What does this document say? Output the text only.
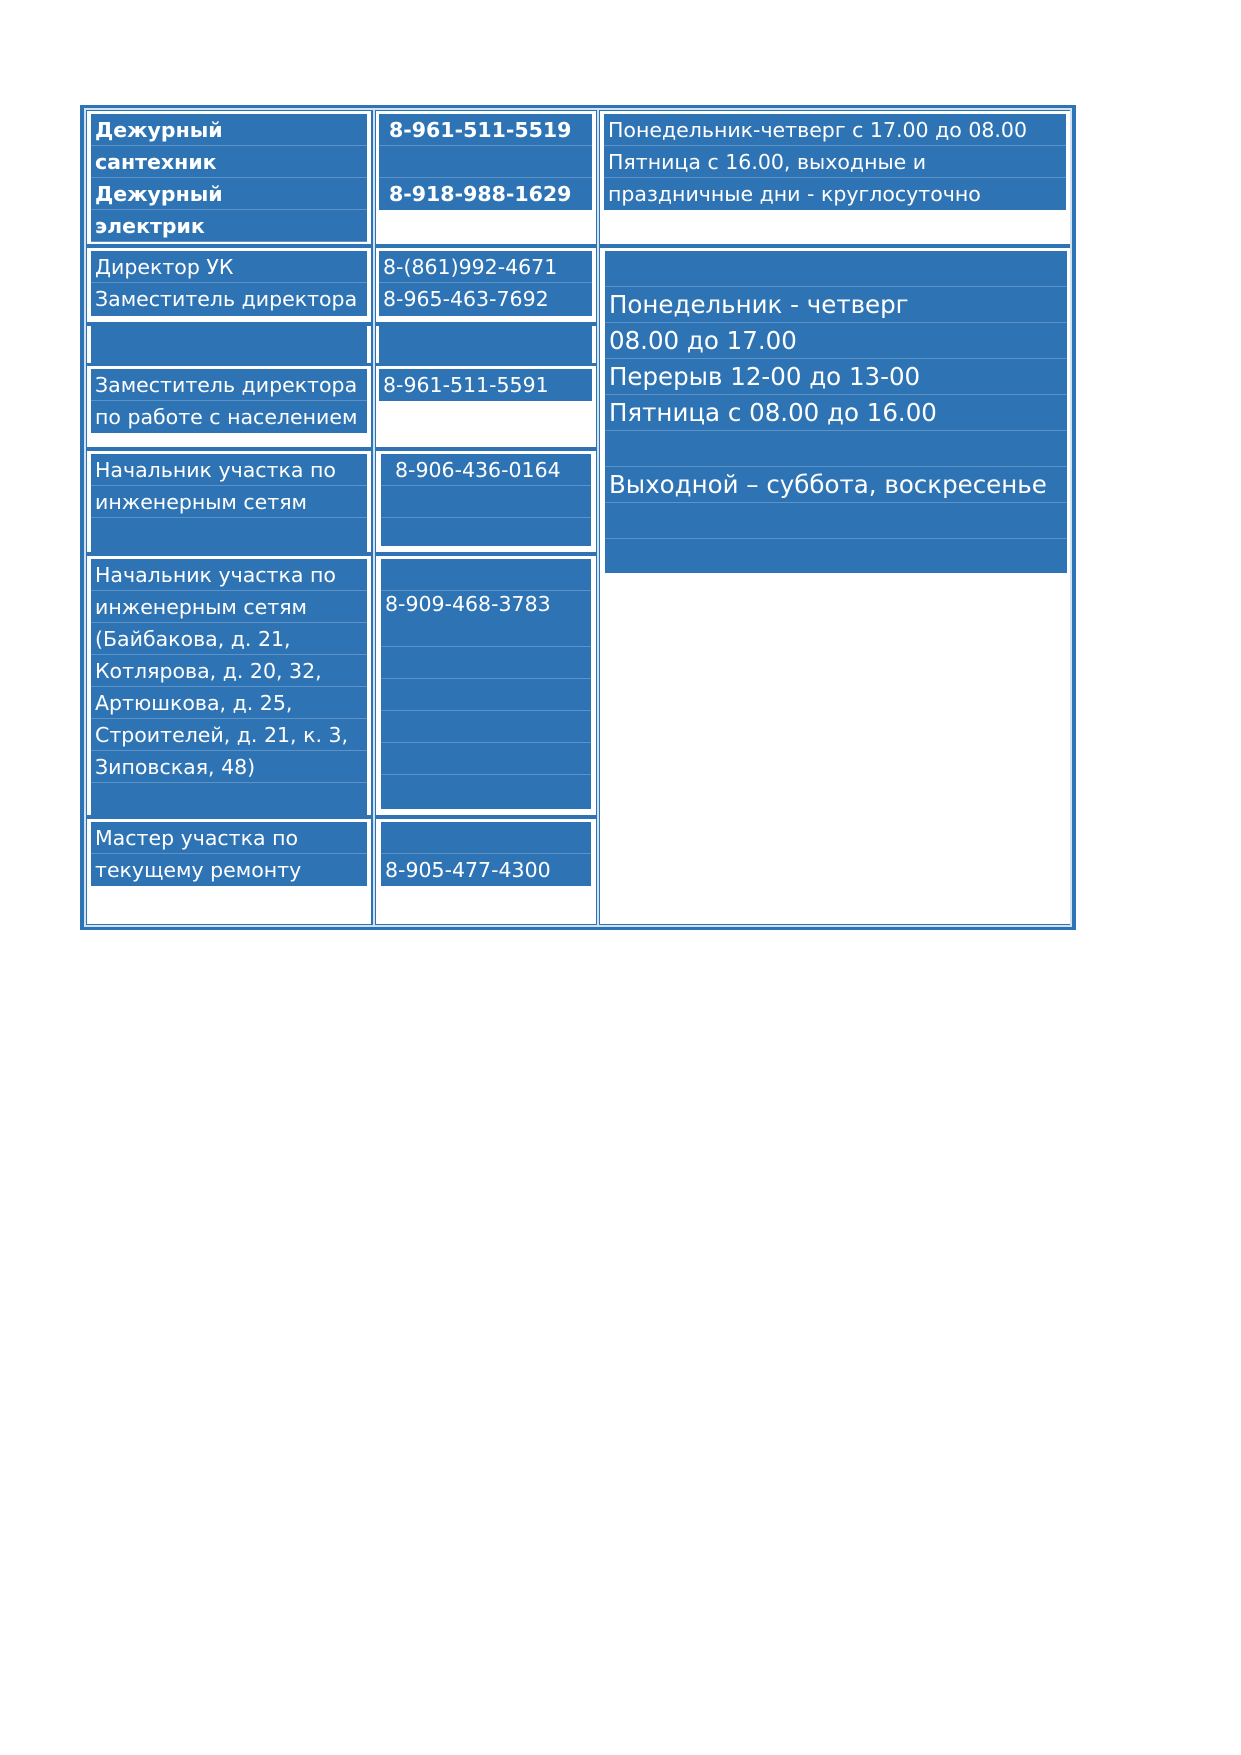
Дежурный
сантехник
Дежурный
электрик
8-961-511-5519
8-918-988-1629
Понедельник-четверг с 17.00 до 08.00
Пятница с 16.00, выходные и
праздничные дни - круглосуточно
Директор УК
Заместитель директора
8-(861)992-4671
8-965-463-7692
Заместитель директора
по работе с населением
8-961-511-5591
Начальник участка по
инженерным сетям
8-906-436-0164
Начальник участка по
инженерным сетям
(Байбакова, д. 21,
Котлярова, д. 20, 32,
Артюшкова, д. 25,
Строителей, д. 21, к. 3,
Зиповская, 48)
8-909-468-3783
Мастер участка по
текущему ремонту	8-905-477-4300
Понедельник - четверг
08.00 до 17.00
Перерыв 12-00 до 13-00
Пятница с 08.00 до 16.00
Выходной – суббота, воскресенье
